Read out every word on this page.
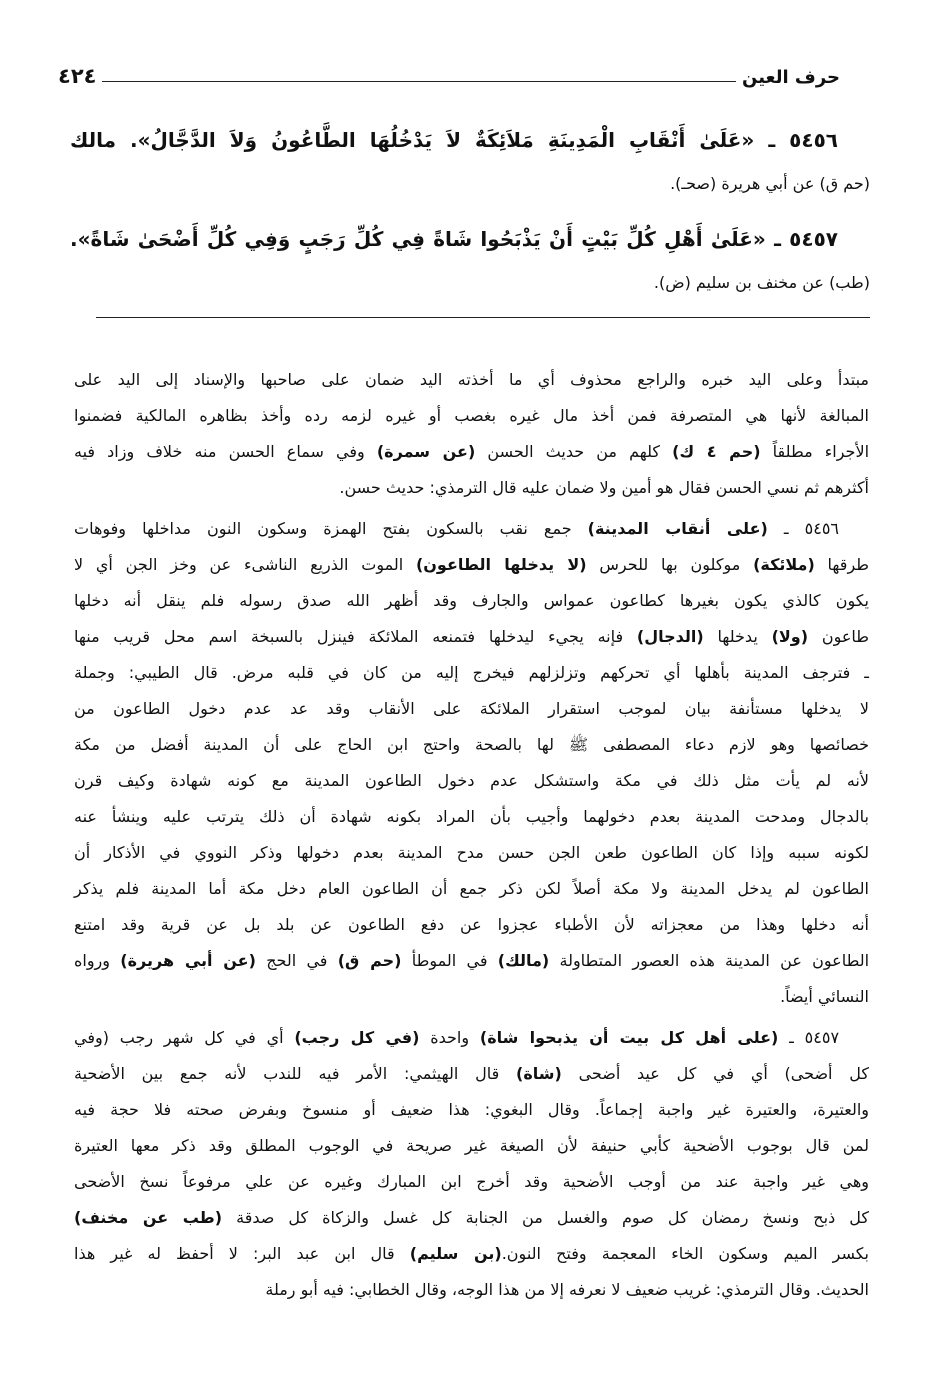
حرف العين
٤٢٤
٥٤٥٦ ـ «عَلَىٰ أَنْقَابِ الْمَدِينَةِ مَلاَئِكَةٌ لاَ يَدْخُلُهَا الطَّاعُونُ وَلاَ الدَّجَّالُ». مالك
(حم ق) عن أبي هريرة (صحـ).
٥٤٥٧ ـ «عَلَىٰ أَهْلِ كُلِّ بَيْتٍ أَنْ يَذْبَحُوا شَاةً فِي كُلِّ رَجَبٍ وَفِي كُلِّ أَضْحَىٰ شَاةً».
(طب) عن مخنف بن سليم (ض).
مبتدأ وعلى اليد خبره والراجع محذوف أي ما أخذته اليد ضمان على صاحبها والإسناد إلى اليد على
المبالغة لأنها هي المتصرفة فمن أخذ مال غيره بغصب أو غيره لزمه رده وأخذ بظاهره المالكية فضمنوا
الأجراء مطلقاً (حم ٤ ك) كلهم من حديث الحسن (عن سمرة) وفي سماع الحسن منه خلاف وزاد فيه
أكثرهم ثم نسي الحسن فقال هو أمين ولا ضمان عليه قال الترمذي: حديث حسن.
٥٤٥٦ ـ (على أنقاب المدينة) جمع نقب بالسكون بفتح الهمزة وسكون النون مداخلها وفوهات
طرقها (ملائكة) موكلون بها للحرس (لا يدخلها الطاعون) الموت الذريع الناشىء عن وخز الجن أي لا
يكون كالذي يكون بغيرها كطاعون عمواس والجارف وقد أظهر الله صدق رسوله فلم ينقل أنه دخلها
طاعون (ولا) يدخلها (الدجال) فإنه يجيء ليدخلها فتمنعه الملائكة فينزل بالسبخة اسم محل قريب منها
ـ فترجف المدينة بأهلها أي تحركهم وتزلزلهم فيخرج إليه من كان في قلبه مرض. قال الطيبي: وجملة
لا يدخلها مستأنفة بيان لموجب استقرار الملائكة على الأنقاب وقد عد عدم دخول الطاعون من
خصائصها وهو لازم دعاء المصطفى ﷺ لها بالصحة واحتج ابن الحاج على أن المدينة أفضل من مكة
لأنه لم يأت مثل ذلك في مكة واستشكل عدم دخول الطاعون المدينة مع كونه شهادة وكيف قرن
بالدجال ومدحت المدينة بعدم دخولهما وأجيب بأن المراد بكونه شهادة أن ذلك يترتب عليه وينشأ عنه
لكونه سببه وإذا كان الطاعون طعن الجن حسن مدح المدينة بعدم دخولها وذكر النووي في الأذكار أن
الطاعون لم يدخل المدينة ولا مكة أصلاً لكن ذكر جمع أن الطاعون العام دخل مكة أما المدينة فلم يذكر
أنه دخلها وهذا من معجزاته لأن الأطباء عجزوا عن دفع الطاعون عن بلد بل عن قرية وقد امتنع
الطاعون عن المدينة هذه العصور المتطاولة (مالك) في الموطأ (حم ق) في الحج (عن أبي هريرة) ورواه
النسائي أيضاً.
٥٤٥٧ ـ (على أهل كل بيت أن يذبحوا شاة) واحدة (في كل رجب) أي في كل شهر رجب (وفي
كل أضحى) أي في كل عيد أضحى (شاة) قال الهيثمي: الأمر فيه للندب لأنه جمع بين الأضحية
والعتيرة، والعتيرة غير واجبة إجماعاً. وقال البغوي: هذا ضعيف أو منسوخ وبفرض صحته فلا حجة فيه
لمن قال بوجوب الأضحية كأبي حنيفة لأن الصيغة غير صريحة في الوجوب المطلق وقد ذكر معها العتيرة
وهي غير واجبة عند من أوجب الأضحية وقد أخرج ابن المبارك وغيره عن علي مرفوعاً نسخ الأضحى
كل ذبح ونسخ رمضان كل صوم والغسل من الجنابة كل غسل والزكاة كل صدقة (طب عن مخنف)
بكسر الميم وسكون الخاء المعجمة وفتح النون.(بن سليم) قال ابن عبد البر: لا أحفظ له غير هذا
الحديث. وقال الترمذي: غريب ضعيف لا نعرفه إلا من هذا الوجه، وقال الخطابي: فيه أبو رملة
